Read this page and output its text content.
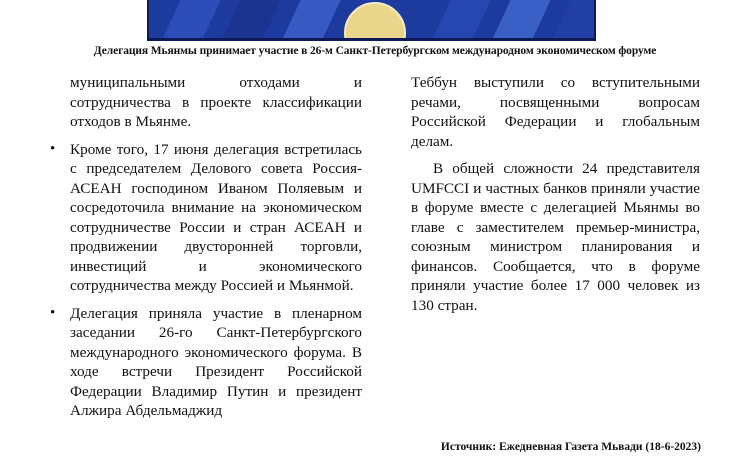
Делегация Мьянмы принимает участие в 26-м Санкт-Петербургском международном экономическом форуме

муниципальными отходами и сотрудничества в проекте классификации отходов в Мьянме.

• Кроме того, 17 июня делегация встретилась с председателем Делового совета Россия-АСЕАН господином Иваном Поляевым и сосредоточила внимание на экономическом сотрудничестве России и стран АСЕАН и продвижении двусторонней торговли, инвестиций и экономического сотрудничества между Россией и Мьянмой.

• Делегация приняла участие в пленарном заседании 26-го Санкт-Петербургского международного экономического форума. В ходе встречи Президент Российской Федерации Владимир Путин и президент Алжира Абдельмаджид

Теббун выступили со вступительными речами, посвященными вопросам Российской Федерации и глобальным делам.

В общей сложности 24 представителя UMFCCI и частных банков приняли участие в форуме вместе с делегацией Мьянмы во главе с заместителем премьер-министра, союзным министром планирования и финансов. Сообщается, что в форуме приняли участие более 17 000 человек из 130 стран.

Источник: Ежедневная Газета Мьвади (18-6-2023)
